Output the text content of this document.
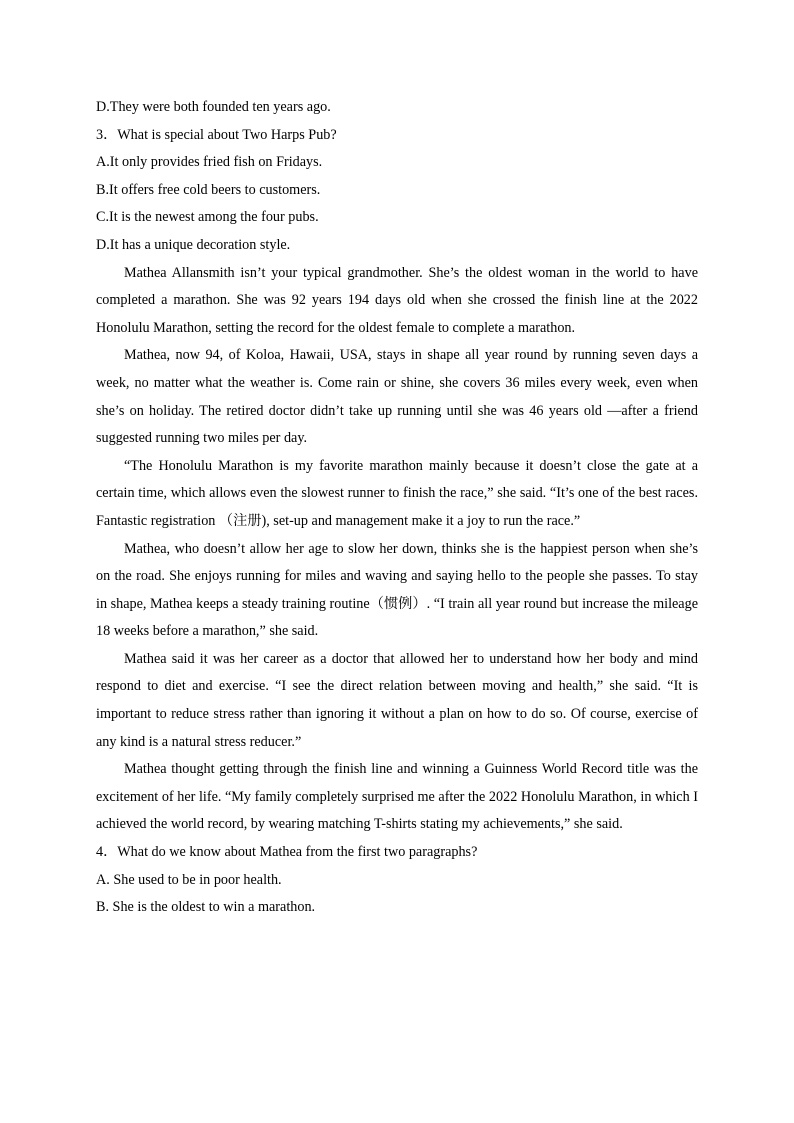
D.They were both founded ten years ago.

3．What is special about Two Harps Pub?

A.It only provides fried fish on Fridays.

B.It offers free cold beers to customers.

C.It is the newest among the four pubs.

D.It has a unique decoration style.

Mathea Allansmith isn’t your typical grandmother. She’s the oldest woman in the world to have completed a marathon. She was 92 years 194 days old when she crossed the finish line at the 2022 Honolulu Marathon, setting the record for the oldest female to complete a marathon.

Mathea, now 94, of Koloa, Hawaii, USA, stays in shape all year round by running seven days a week, no matter what the weather is. Come rain or shine, she covers 36 miles every week, even when she’s on holiday. The retired doctor didn’t take up running until she was 46 years old —after a friend suggested running two miles per day.

“The Honolulu Marathon is my favorite marathon mainly because it doesn’t close the gate at a certain time, which allows even the slowest runner to finish the race,” she said. “It’s one of the best races. Fantastic registration （注册), set-up and management make it a joy to run the race.”

Mathea, who doesn’t allow her age to slow her down, thinks she is the happiest person when she’s on the road. She enjoys running for miles and waving and saying hello to the people she passes. To stay in shape, Mathea keeps a steady training routine（惯例）. “I train all year round but increase the mileage 18 weeks before a marathon,” she said.

Mathea said it was her career as a doctor that allowed her to understand how her body and mind respond to diet and exercise. “I see the direct relation between moving and health,” she said. “It is important to reduce stress rather than ignoring it without a plan on how to do so. Of course, exercise of any kind is a natural stress reducer.”

Mathea thought getting through the finish line and winning a Guinness World Record title was the excitement of her life. “My family completely surprised me after the 2022 Honolulu Marathon, in which I achieved the world record, by wearing matching T-shirts stating my achievements,” she said.

4．What do we know about Mathea from the first two paragraphs?

A. She used to be in poor health.

B. She is the oldest to win a marathon.
